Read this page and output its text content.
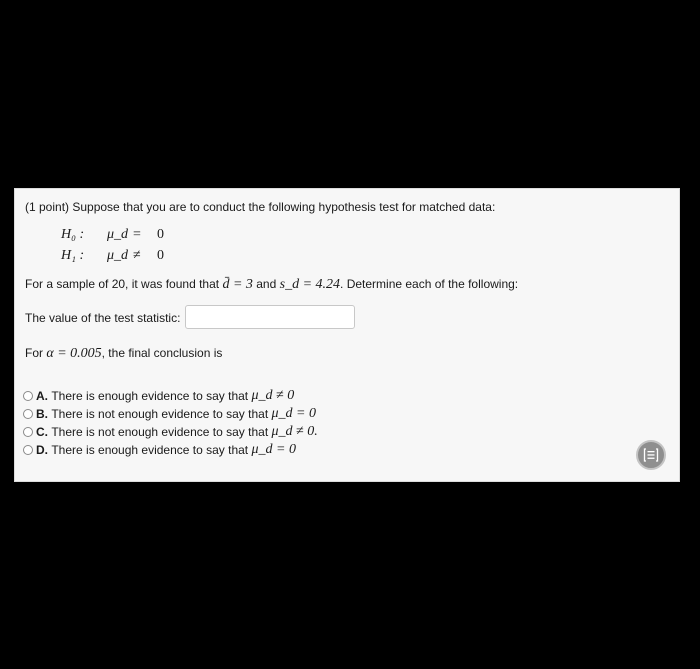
(1 point) Suppose that you are to conduct the following hypothesis test for matched data:
H₀ : μ_d = 0
H₁ : μ_d ≠ 0
For a sample of 20, it was found that d̄ = 3 and s_d = 4.24. Determine each of the following:
The value of the test statistic:
For α = 0.005, the final conclusion is
A.
There is enough evidence to say that
μ_d ≠ 0
B.
There is not enough evidence to say that
μ_d = 0
C.
There is not enough evidence to say that
μ_d ≠ 0.
D.
There is enough evidence to say that
μ_d = 0
